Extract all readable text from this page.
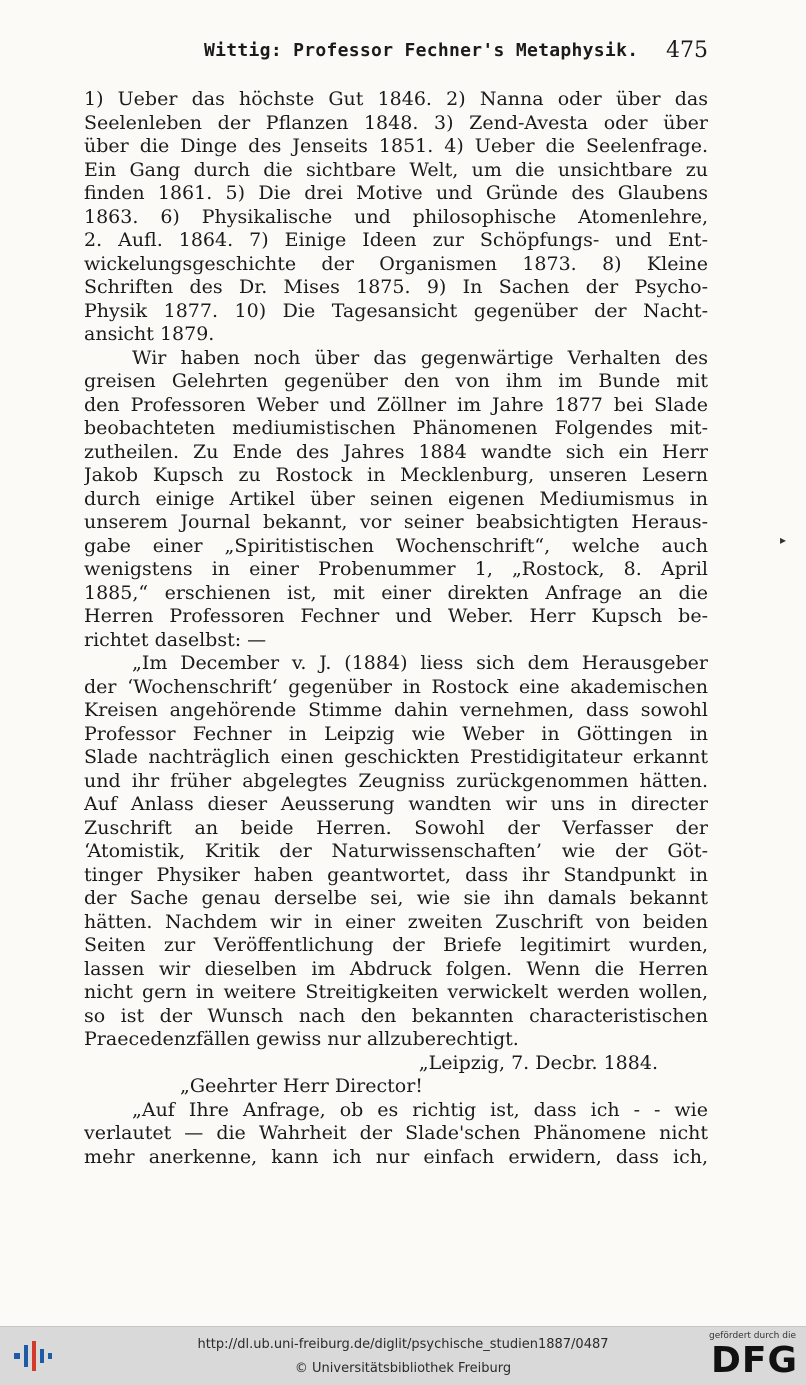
Wittig: Professor Fechner's Metaphysik. 475
1) Ueber das höchste Gut 1846. 2) Nanna oder über das
Seelenleben der Pflanzen 1848. 3) Zend-Avesta oder über
über die Dinge des Jenseits 1851. 4) Ueber die Seelenfrage.
Ein Gang durch die sichtbare Welt, um die unsichtbare zu
finden 1861. 5) Die drei Motive und Gründe des Glaubens
1863. 6) Physikalische und philosophische Atomenlehre,
2. Aufl. 1864. 7) Einige Ideen zur Schöpfungs- und Ent-
wickelungsgeschichte der Organismen 1873. 8) Kleine
Schriften des Dr. Mises 1875. 9) In Sachen der Psycho-
Physik 1877. 10) Die Tagesansicht gegenüber der Nacht-
ansicht 1879.
Wir haben noch über das gegenwärtige Verhalten des
greisen Gelehrten gegenüber den von ihm im Bunde mit
den Professoren Weber und Zöllner im Jahre 1877 bei Slade
beobachteten mediumistischen Phänomenen Folgendes mit-
zutheilen. Zu Ende des Jahres 1884 wandte sich ein Herr
Jakob Kupsch zu Rostock in Mecklenburg, unseren Lesern
durch einige Artikel über seinen eigenen Mediumismus in
unserem Journal bekannt, vor seiner beabsichtigten Heraus-
gabe einer „Spiritistischen Wochenschrift“, welche auch
wenigstens in einer Probenummer 1, „Rostock, 8. April
1885,“ erschienen ist, mit einer direkten Anfrage an die
Herren Professoren Fechner und Weber. Herr Kupsch be-
richtet daselbst: —
„Im December v. J. (1884) liess sich dem Herausgeber
der ‘Wochenschrift‘ gegenüber in Rostock eine akademischen
Kreisen angehörende Stimme dahin vernehmen, dass sowohl
Professor Fechner in Leipzig wie Weber in Göttingen in
Slade nachträglich einen geschickten Prestidigitateur erkannt
und ihr früher abgelegtes Zeugniss zurückgenommen hätten.
Auf Anlass dieser Aeusserung wandten wir uns in directer
Zuschrift an beide Herren. Sowohl der Verfasser der
‘Atomistik, Kritik der Naturwissenschaften’ wie der Göt-
tinger Physiker haben geantwortet, dass ihr Standpunkt in
der Sache genau derselbe sei, wie sie ihn damals bekannt
hätten. Nachdem wir in einer zweiten Zuschrift von beiden
Seiten zur Veröffentlichung der Briefe legitimirt wurden,
lassen wir dieselben im Abdruck folgen. Wenn die Herren
nicht gern in weitere Streitigkeiten verwickelt werden wollen,
so ist der Wunsch nach den bekannten characteristischen
Praecedenzfällen gewiss nur allzuberechtigt.
„Leipzig, 7. Decbr. 1884.
„Geehrter Herr Director!
„Auf Ihre Anfrage, ob es richtig ist, dass ich - - wie
verlautet — die Wahrheit der Slade'schen Phänomene nicht
mehr anerkenne, kann ich nur einfach erwidern, dass ich,
▸
http://dl.ub.uni-freiburg.de/diglit/psychische_studien1887/0487
© Universitätsbibliothek Freiburg
gefördert durch die
DFG
